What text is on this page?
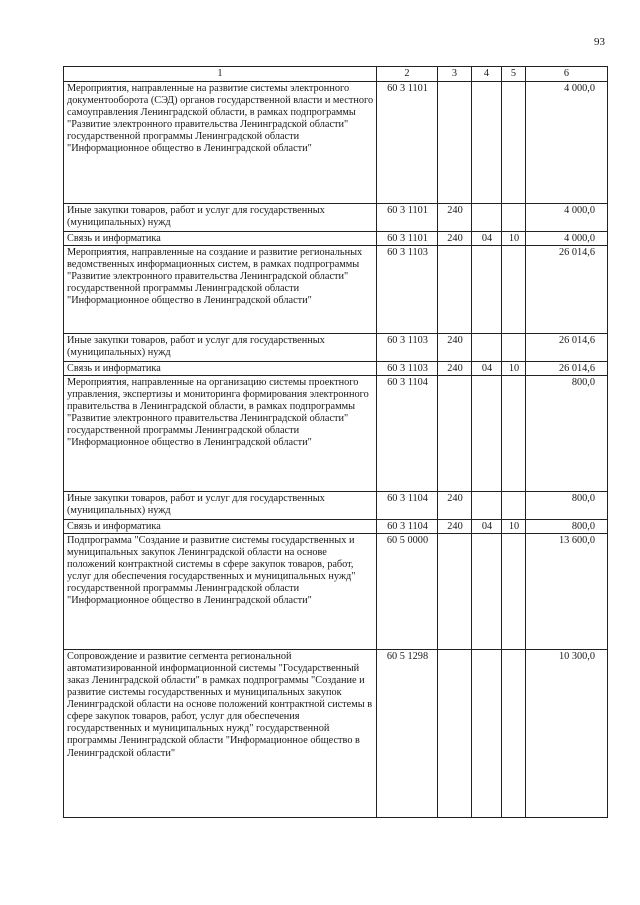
93
1	2	3	4	5	6
Мероприятия, направленные на развитие системы электронного документооборота (СЭД) органов государственной власти и местного самоуправления Ленинградской области, в рамках подпрограммы "Развитие электронного правительства Ленинградской области" государственной программы Ленинградской области "Информационное общество в Ленинградской области"	60 3 1101				4 000,0
Иные закупки товаров, работ и услуг для государственных (муниципальных) нужд	60 3 1101	240			4 000,0
Связь и информатика	60 3 1101	240	04	10	4 000,0
Мероприятия, направленные на создание и развитие региональных ведомственных информационных систем, в рамках подпрограммы "Развитие электронного правительства Ленинградской области" государственной программы Ленинградской области "Информационное общество в Ленинградской области"	60 3 1103				26 014,6
Иные закупки товаров, работ и услуг для государственных (муниципальных) нужд	60 3 1103	240			26 014,6
Связь и информатика	60 3 1103	240	04	10	26 014,6
Мероприятия, направленные на организацию системы проектного управления, экспертизы и мониторинга формирования электронного правительства в Ленинградской области, в рамках подпрограммы "Развитие электронного правительства Ленинградской области" государственной программы Ленинградской области "Информационное общество в Ленинградской области"	60 3 1104				800,0
Иные закупки товаров, работ и услуг для государственных (муниципальных) нужд	60 3 1104	240			800,0
Связь и информатика	60 3 1104	240	04	10	800,0
Подпрограмма "Создание и развитие системы государственных и муниципальных закупок Ленинградской области на основе положений контрактной системы в сфере закупок товаров, работ, услуг для обеспечения государственных и муниципальных нужд" государственной программы Ленинградской области "Информационное общество в Ленинградской области"	60 5 0000				13 600,0
Сопровождение и развитие сегмента региональной автоматизированной информационной системы "Государственный заказ Ленинградской области" в рамках подпрограммы "Создание и развитие системы государственных и муниципальных закупок Ленинградской области на основе положений контрактной системы в сфере закупок товаров, работ, услуг для обеспечения государственных и муниципальных нужд" государственной программы Ленинградской области "Информационное общество в Ленинградской области"	60 5 1298				10 300,0
